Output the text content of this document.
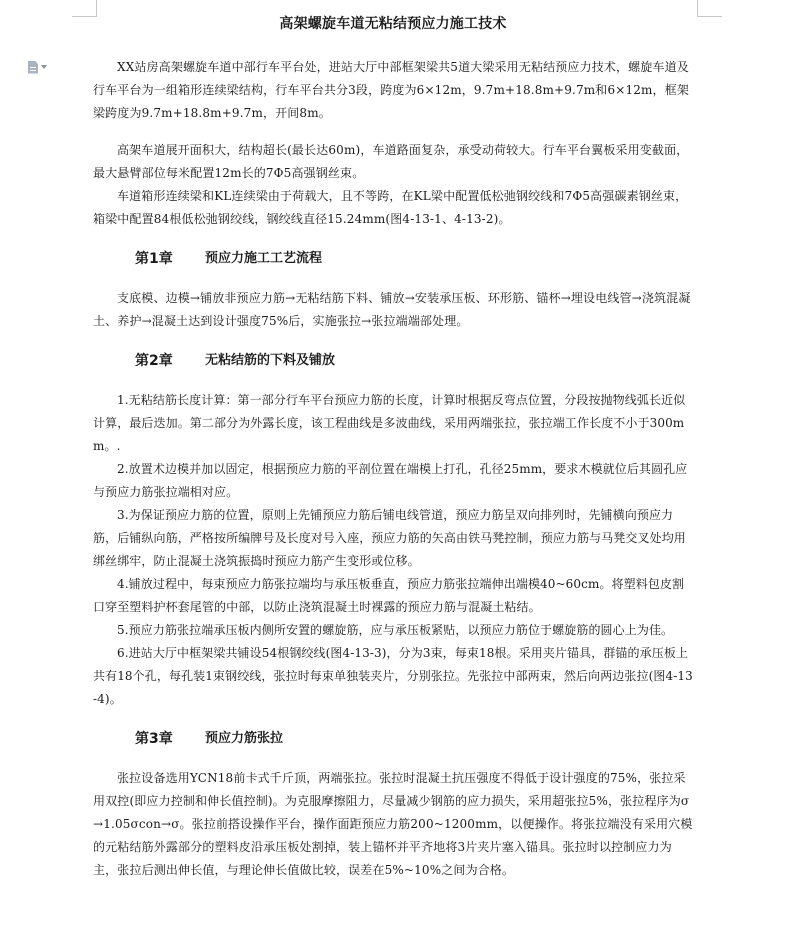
高架螺旋车道无粘结预应力施工技术

XX站房高架螺旋车道中部行车平台处，进站大厅中部框架梁共5道大梁采用无粘结预应力技术，螺旋车道及行车平台为一组箱形连续梁结构，行车平台共分3段，跨度为6×12m，9.7m+18.8m+9.7m和6×12m，框架梁跨度为9.7m+18.8m+9.7m，开间8m。

高架车道展开面积大，结构超长(最长达60m)，车道路面复杂，承受动荷较大。行车平台翼板采用变截面，最大悬臂部位每米配置12m长的7Φ5高强钢丝束。

车道箱形连续梁和KL连续梁由于荷载大，且不等跨，在KL梁中配置低松弛钢绞线和7Φ5高强碳素钢丝束，箱梁中配置84根低松弛钢绞线，钢绞线直径15.24mm(图4-13-1、4-13-2)。

第1章	预应力施工工艺流程

支底模、边模→铺放非预应力筋→无粘结筋下料、铺放→安装承压板、环形筋、锚杯→埋设电线管→浇筑混凝土、养护→混凝土达到设计强度75%后，实施张拉→张拉端端部处理。

第2章	无粘结筋的下料及铺放

1.无粘结筋长度计算：第一部分行车平台预应力筋的长度，计算时根据反弯点位置，分段按抛物线弧长近似计算，最后迭加。第二部分为外露长度，该工程曲线是多波曲线，采用两端张拉，张拉端工作长度不小于300mm。.

2.放置术边模并加以固定，根据预应力筋的平剖位置在端模上打孔，孔径25mm，要求木模就位后其圆孔应与预应力筋张拉端相对应。

3.为保证预应力筋的位置，原则上先铺预应力筋后铺电线管道，预应力筋呈双向排列时，先铺横向预应力筋，后铺纵向筋，严格按所编牌号及长度对号入座，预应力筋的矢高由铁马凳控制，预应力筋与马凳交叉处均用绑丝绑牢，防止混凝土浇筑振捣时预应力筋产生变形或位移。

4.铺放过程中，每束预应力筋张拉端均与承压板垂直，预应力筋张拉端伸出端模40~60cm。将塑料包皮割口穿至塑料护杯套尾管的中部，以防止浇筑混凝土时裸露的预应力筋与混凝土粘结。

5.预应力筋张拉端承压板内侧所安置的螺旋筋，应与承压板紧贴，以预应力筋位于螺旋筋的圆心上为佳。

6.进站大厅中框架梁共铺设54根钢绞线(图4-13-3)，分为3束，每束18根。采用夹片锚具，群锚的承压板上共有18个孔，每孔装1束钢绞线，张拉时每束单独装夹片，分别张拉。先张拉中部两束，然后向两边张拉(图4-13-4)。

第3章	预应力筋张拉

张拉设备选用YCN18前卡式千斤顶，两端张拉。张拉时混凝土抗压强度不得低于设计强度的75%，张拉采用双控(即应力控制和伸长值控制)。为克服摩擦阻力，尽量减少钢筋的应力损失，采用超张拉5%，张拉程序为σ→1.05σcon→σ。张拉前搭设操作平台，操作面距预应力筋200~1200mm，以便操作。将张拉端没有采用穴模的元粘结筋外露部分的塑料皮沿承压板处割掉，装上锚杯并平齐地将3片夹片塞入锚具。张拉时以控制应力为主，张拉后测出伸长值，与理论伸长值做比较，误差在5%~10%之间为合格。
